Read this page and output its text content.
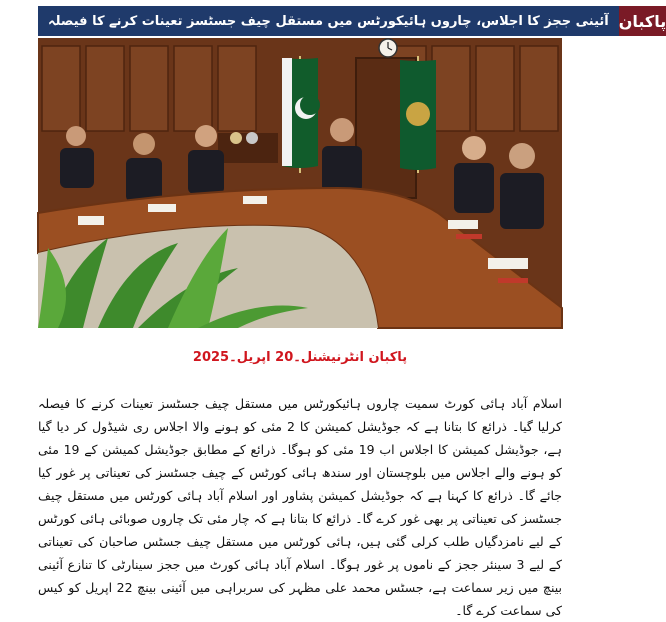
آئینی ججز کا اجلاس، چاروں ہائیکورٹس میں مستقل چیف جسٹسز تعینات کرنے کا فیصلہ پاکبان
پاکبان انٹرنیشنل۔20 اپریل۔2025

اسلام آباد ہائی کورٹ سمیت چاروں ہائیکورٹس میں مستقل چیف جسٹسز تعینات کرنے کا فیصلہ کرلیا گیا۔ ذرائع کا بتانا ہے کہ جوڈیشل کمیشن کا 2 مئی کو ہونے والا اجلاس ری شیڈول کر دیا گیا ہے، جوڈیشل کمیشن کا اجلاس اب 19 مئی کو ہوگا۔ ذرائع کے مطابق جوڈیشل کمیشن کے 19 مئی کو ہونے والے اجلاس میں بلوچستان اور سندھ ہائی کورٹس کے چیف جسٹسز کی تعیناتی پر غور کیا جائے گا۔ ذرائع کا کہنا ہے کہ جوڈیشل کمیشن پشاور اور اسلام آباد ہائی کورٹس میں مستقل چیف جسٹسز کی تعیناتی پر بھی غور کرے گا۔ ذرائع کا بتانا ہے کہ چار مئی تک چاروں صوبائی ہائی کورٹس کے لیے نامزدگیاں طلب کرلی گئی ہیں، ہائی کورٹس میں مستقل چیف جسٹس صاحبان کی تعیناتی کے لیے 3 سینئر ججز کے ناموں پر غور ہوگا۔ اسلام آباد ہائی کورٹ میں ججز سینارٹی کا تنازع آئینی بینچ میں زیر سماعت ہے، جسٹس محمد علی مظہر کی سربراہی میں آئینی بینچ 22 اپریل کو کیس کی سماعت کرے گا۔
